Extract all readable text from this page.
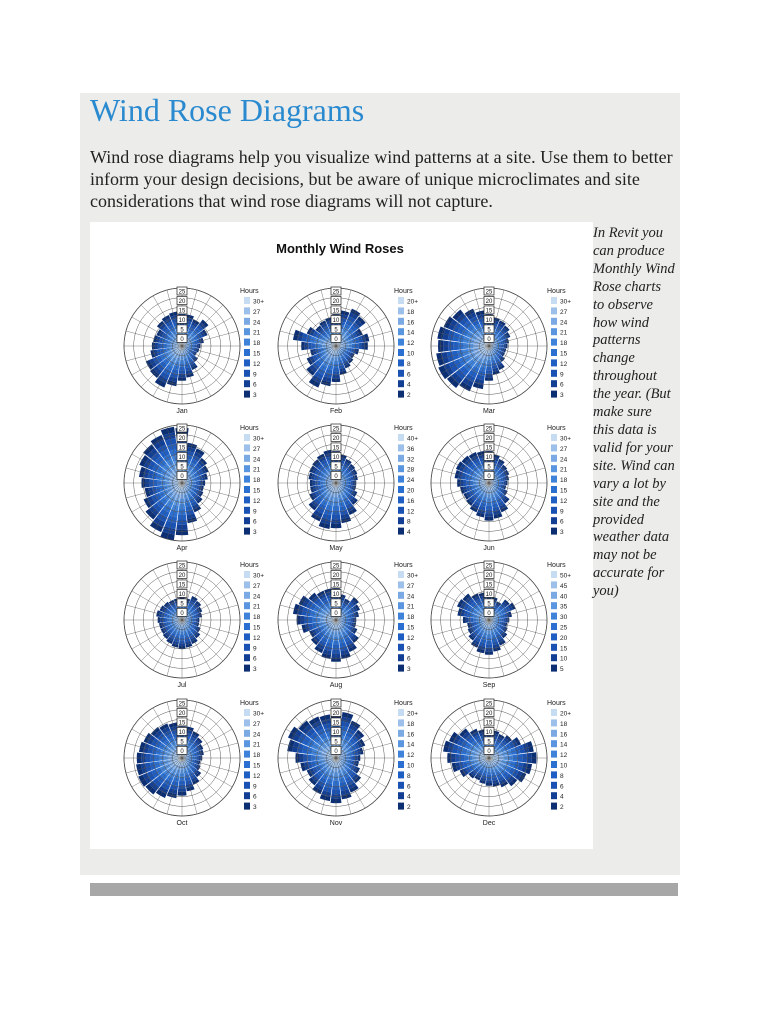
Wind Rose Diagrams

Wind rose diagrams help you visualize wind patterns at a site. Use them to better inform your design decisions, but be aware of unique microclimates and site considerations that wind rose diagrams will not capture.

Monthly Wind Roses
25
20
15
10
5
0
Jan
Hours
30+
27
24
21
18
15
12
9
6
3
25
20
15
10
5
0
Feb
Hours
20+
18
16
14
12
10
8
6
4
2
25
20
15
10
5
0
Mar
Hours
30+
27
24
21
18
15
12
9
6
3
25
20
15
10
5
0
Apr
Hours
30+
27
24
21
18
15
12
9
6
3
25
20
15
10
5
0
May
Hours
40+
36
32
28
24
20
16
12
8
4
25
20
15
10
5
0
Jun
Hours
30+
27
24
21
18
15
12
9
6
3
25
20
15
10
5
0
Jul
Hours
30+
27
24
21
18
15
12
9
6
3
25
20
15
10
5
0
Aug
Hours
30+
27
24
21
18
15
12
9
6
3
25
20
15
10
5
0
Sep
Hours
50+
45
40
35
30
25
20
15
10
5
25
20
15
10
5
0
Oct
Hours
30+
27
24
21
18
15
12
9
6
3
25
20
15
10
5
0
Nov
Hours
20+
18
16
14
12
10
8
6
4
2
25
20
15
10
5
0
Dec
Hours
20+
18
16
14
12
10
8
6
4
2

In Revit you can produce Monthly Wind Rose charts to observe how wind patterns change throughout the year. (But make sure this data is valid for your site. Wind can vary a lot by site and the provided weather data may not be accurate for you)
